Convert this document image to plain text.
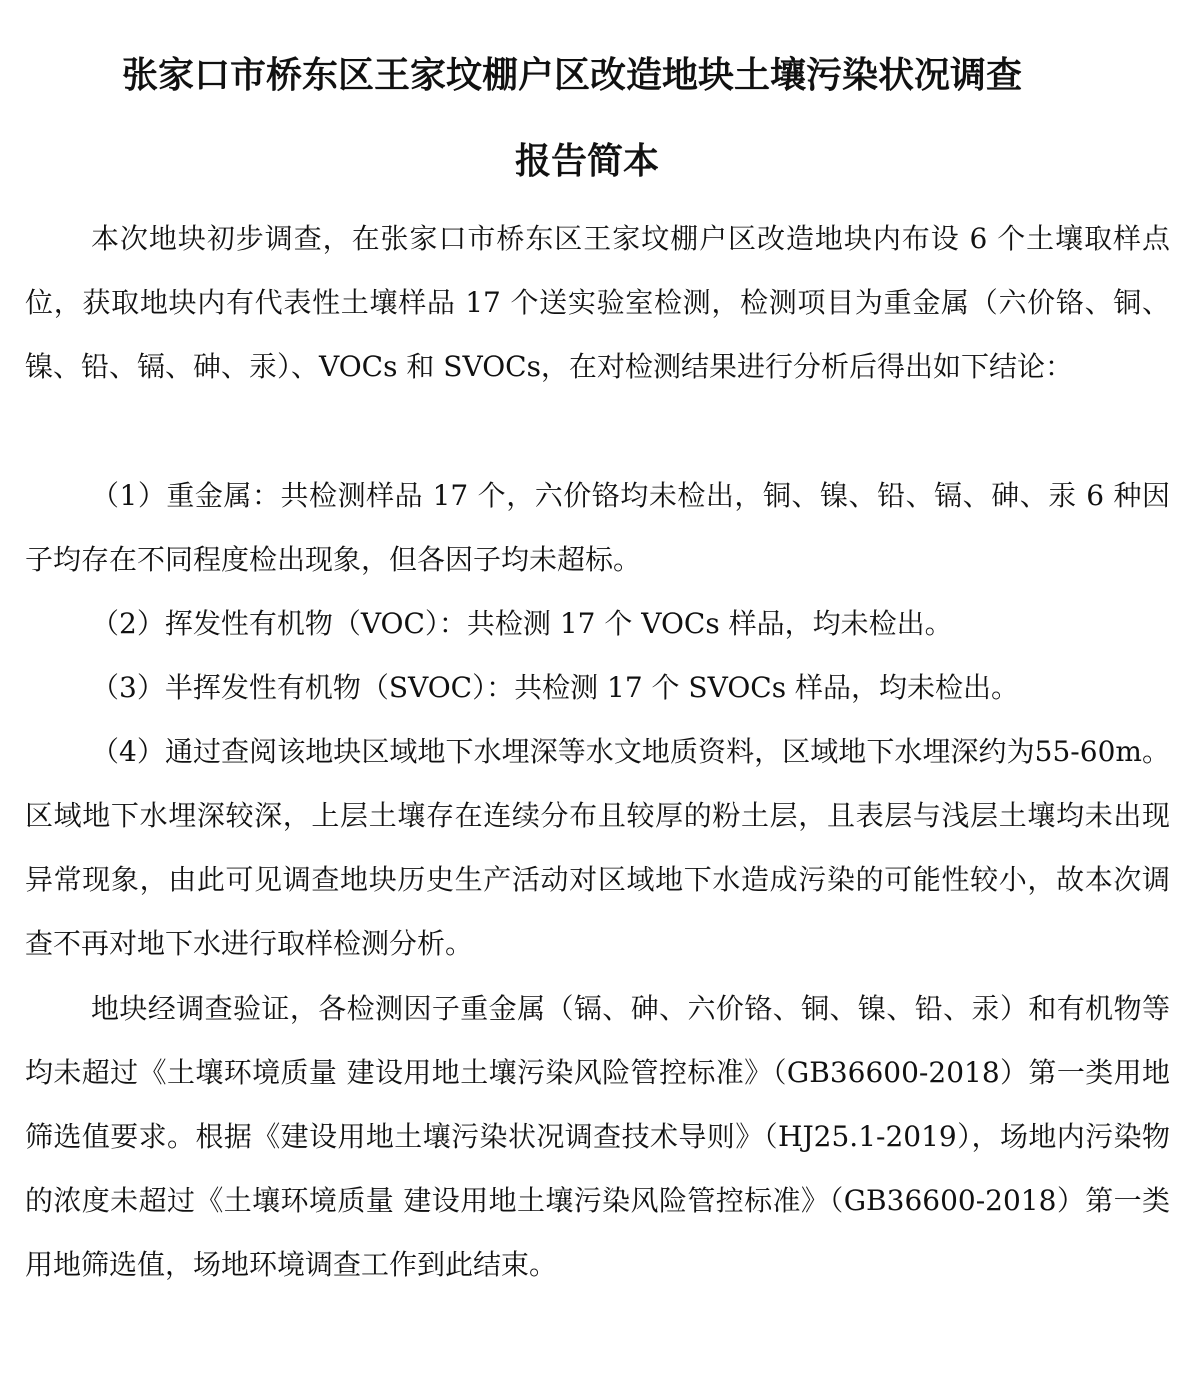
张家口市桥东区王家坟棚户区改造地块土壤污染状况调查
报告简本

本次地块初步调查，在张家口市桥东区王家坟棚户区改造地块内布设 6 个土壤取样点位，获取地块内有代表性土壤样品 17 个送实验室检测，检测项目为重金属（六价铬、铜、镍、铅、镉、砷、汞）、VOCs 和 SVOCs，在对检测结果进行分析后得出如下结论：

（1）重金属：共检测样品 17 个，六价铬均未检出，铜、镍、铅、镉、砷、汞 6 种因子均存在不同程度检出现象，但各因子均未超标。

（2）挥发性有机物（VOC）：共检测 17 个 VOCs 样品，均未检出。

（3）半挥发性有机物（SVOC）：共检测 17 个 SVOCs 样品，均未检出。

（4）通过查阅该地块区域地下水埋深等水文地质资料，区域地下水埋深约为55-60m。区域地下水埋深较深，上层土壤存在连续分布且较厚的粉土层，且表层与浅层土壤均未出现异常现象，由此可见调查地块历史生产活动对区域地下水造成污染的可能性较小，故本次调查不再对地下水进行取样检测分析。

地块经调查验证，各检测因子重金属（镉、砷、六价铬、铜、镍、铅、汞）和有机物等均未超过《土壤环境质量 建设用地土壤污染风险管控标准》（GB36600-2018）第一类用地筛选值要求。根据《建设用地土壤污染状况调查技术导则》（HJ25.1-2019），场地内污染物的浓度未超过《土壤环境质量 建设用地土壤污染风险管控标准》（GB36600-2018）第一类用地筛选值，场地环境调查工作到此结束。
